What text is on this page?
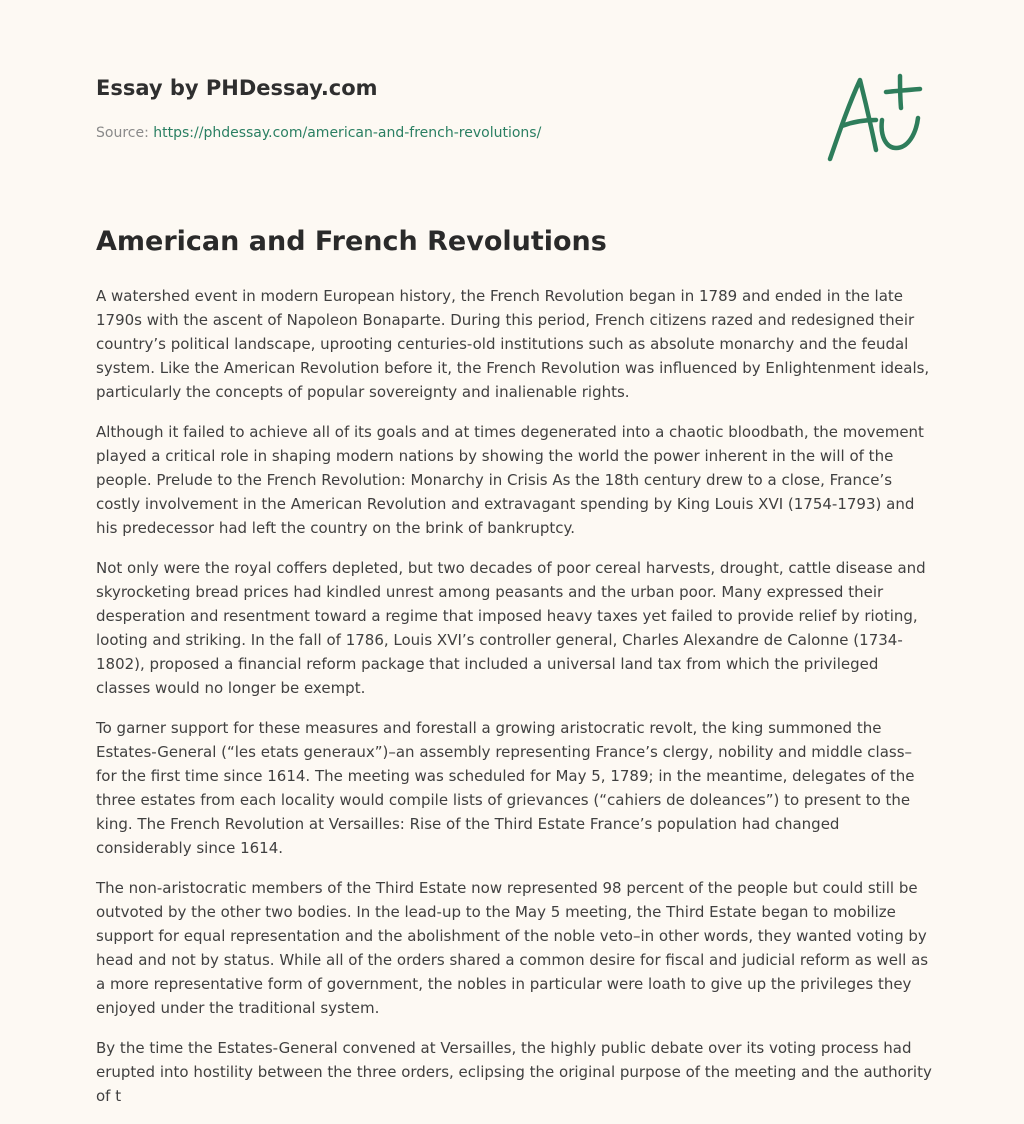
Essay by PHDessay.com
Source: https://phdessay.com/american-and-french-revolutions/
American and French Revolutions

A watershed event in modern European history, the French Revolution began in 1789 and ended in the late 1790s with the ascent of Napoleon Bonaparte. During this period, French citizens razed and redesigned their country’s political landscape, uprooting centuries-old institutions such as absolute monarchy and the feudal system. Like the American Revolution before it, the French Revolution was influenced by Enlightenment ideals, particularly the concepts of popular sovereignty and inalienable rights.

Although it failed to achieve all of its goals and at times degenerated into a chaotic bloodbath, the movement played a critical role in shaping modern nations by showing the world the power inherent in the will of the people. Prelude to the French Revolution: Monarchy in Crisis As the 18th century drew to a close, France’s costly involvement in the American Revolution and extravagant spending by King Louis XVI (1754-1793) and his predecessor had left the country on the brink of bankruptcy.

Not only were the royal coffers depleted, but two decades of poor cereal harvests, drought, cattle disease and skyrocketing bread prices had kindled unrest among peasants and the urban poor. Many expressed their desperation and resentment toward a regime that imposed heavy taxes yet failed to provide relief by rioting, looting and striking. In the fall of 1786, Louis XVI’s controller general, Charles Alexandre de Calonne (1734-1802), proposed a financial reform package that included a universal land tax from which the privileged classes would no longer be exempt.

To garner support for these measures and forestall a growing aristocratic revolt, the king summoned the Estates-General (“les etats generaux”)–an assembly representing France’s clergy, nobility and middle class–for the first time since 1614. The meeting was scheduled for May 5, 1789; in the meantime, delegates of the three estates from each locality would compile lists of grievances (“cahiers de doleances”) to present to the king. The French Revolution at Versailles: Rise of the Third Estate France’s population had changed considerably since 1614.

The non-aristocratic members of the Third Estate now represented 98 percent of the people but could still be outvoted by the other two bodies. In the lead-up to the May 5 meeting, the Third Estate began to mobilize support for equal representation and the abolishment of the noble veto–in other words, they wanted voting by head and not by status. While all of the orders shared a common desire for fiscal and judicial reform as well as a more representative form of government, the nobles in particular were loath to give up the privileges they enjoyed under the traditional system.

By the time the Estates-General convened at Versailles, the highly public debate over its voting process had erupted into hostility between the three orders, eclipsing the original purpose of the meeting and the authority of t
